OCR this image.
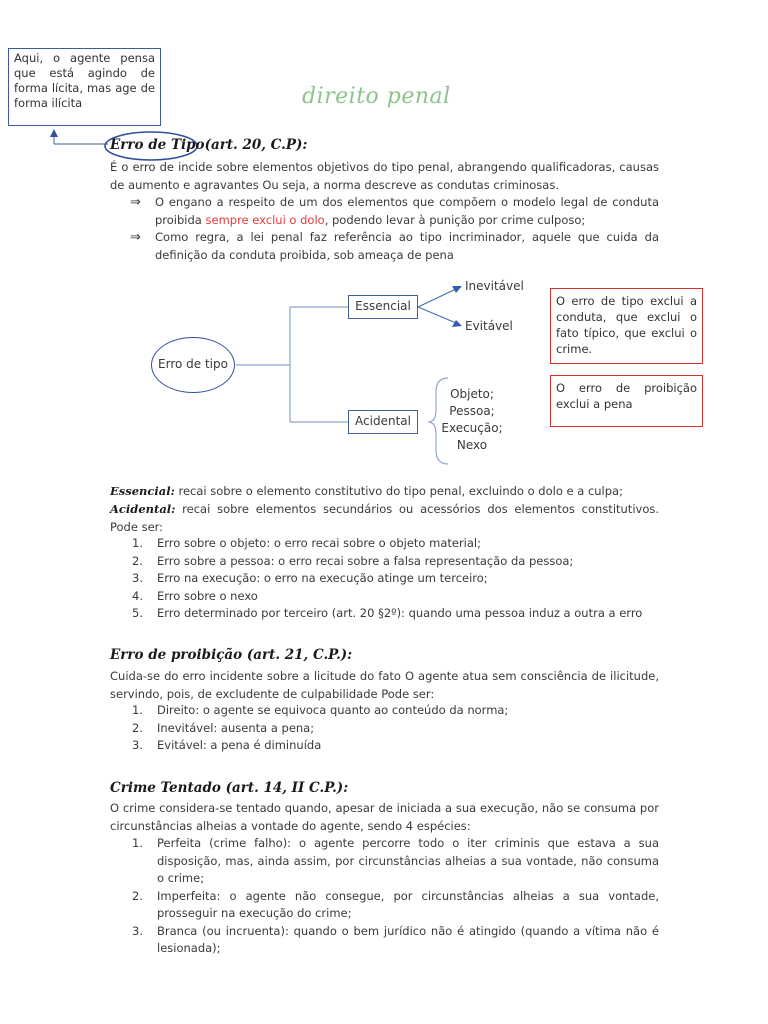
Aqui, o agente pensa que está agindo de forma lícita, mas age de forma ilícita	direito penal
Erro de Tipo(art. 20, C.P):
É o erro de incide sobre elementos objetivos do tipo penal, abrangendo qualificadoras, causas de aumento e agravantes Ou seja, a norma descreve as condutas criminosas.
⇒	O engano a respeito de um dos elementos que compõem o modelo legal de conduta proibida sempre exclui o dolo, podendo levar à punição por crime culposo;
⇒	Como regra, a lei penal faz referência ao tipo incriminador, aquele que cuida da definição da conduta proibida, sob ameaça de pena
Erro de tipo
Essencial
Inevitável
Evitável
Acidental
Objeto;
Pessoa;
Execução;
Nexo
O erro de tipo exclui a conduta, que exclui o fato típico, que exclui o crime.
O erro de proibição exclui a pena
Essencial: recai sobre o elemento constitutivo do tipo penal, excluindo o dolo e a culpa;
Acidental: recai sobre elementos secundários ou acessórios dos elementos constitutivos. Pode ser:
1.	Erro sobre o objeto: o erro recai sobre o objeto material;
2.	Erro sobre a pessoa: o erro recai sobre a falsa representação da pessoa;
3.	Erro na execução: o erro na execução atinge um terceiro;
4.	Erro sobre o nexo
5.	Erro determinado por terceiro (art. 20 §2º): quando uma pessoa induz a outra a erro
Erro de proibição (art. 21, C.P.):
Cuida-se do erro incidente sobre a licitude do fato O agente atua sem consciência de ilicitude, servindo, pois, de excludente de culpabilidade Pode ser:
1.	Direito: o agente se equivoca quanto ao conteúdo da norma;
2.	Inevitável: ausenta a pena;
3.	Evitável: a pena é diminuída
Crime Tentado (art. 14, II C.P.):
O crime considera-se tentado quando, apesar de iniciada a sua execução, não se consuma por circunstâncias alheias a vontade do agente, sendo 4 espécies:
1.	Perfeita (crime falho): o agente percorre todo o iter criminis que estava a sua disposição, mas, ainda assim, por circunstâncias alheias a sua vontade, não consuma o crime;
2.	Imperfeita: o agente não consegue, por circunstâncias alheias a sua vontade, prosseguir na execução do crime;
3.	Branca (ou incruenta): quando o bem jurídico não é atingido (quando a vítima não é lesionada);
